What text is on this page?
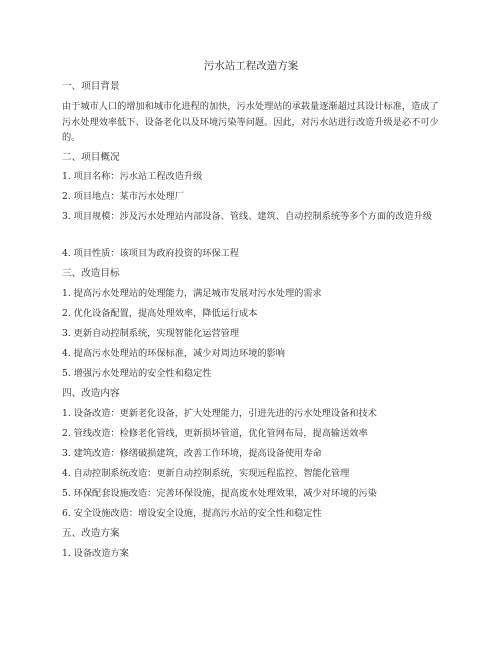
污水站工程改造方案
一、项目背景
由于城市人口的增加和城市化进程的加快，污水处理站的承载量逐渐超过其设计标准，造成了污水处理效率低下、设备老化以及环境污染等问题。因此，对污水站进行改造升级是必不可少的。
二、项目概况
1. 项目名称：污水站工程改造升级
2. 项目地点：某市污水处理厂
3. 项目规模：涉及污水处理站内部设备、管线、建筑、自动控制系统等多个方面的改造升级
4. 项目性质：该项目为政府投资的环保工程
三、改造目标
1. 提高污水处理站的处理能力，满足城市发展对污水处理的需求
2. 优化设备配置，提高处理效率，降低运行成本
3. 更新自动控制系统，实现智能化运营管理
4. 提高污水处理站的环保标准，减少对周边环境的影响
5. 增强污水处理站的安全性和稳定性
四、改造内容
1. 设备改造：更新老化设备，扩大处理能力，引进先进的污水处理设备和技术
2. 管线改造：检修老化管线，更新损坏管道，优化管网布局，提高输送效率
3. 建筑改造：修缮破损建筑，改善工作环境，提高设备使用寿命
4. 自动控制系统改造：更新自动控制系统，实现远程监控、智能化管理
5. 环保配套设施改造：完善环保设施，提高废水处理效果，减少对环境的污染
6. 安全设施改造：增设安全设施，提高污水站的安全性和稳定性
五、改造方案
1. 设备改造方案
